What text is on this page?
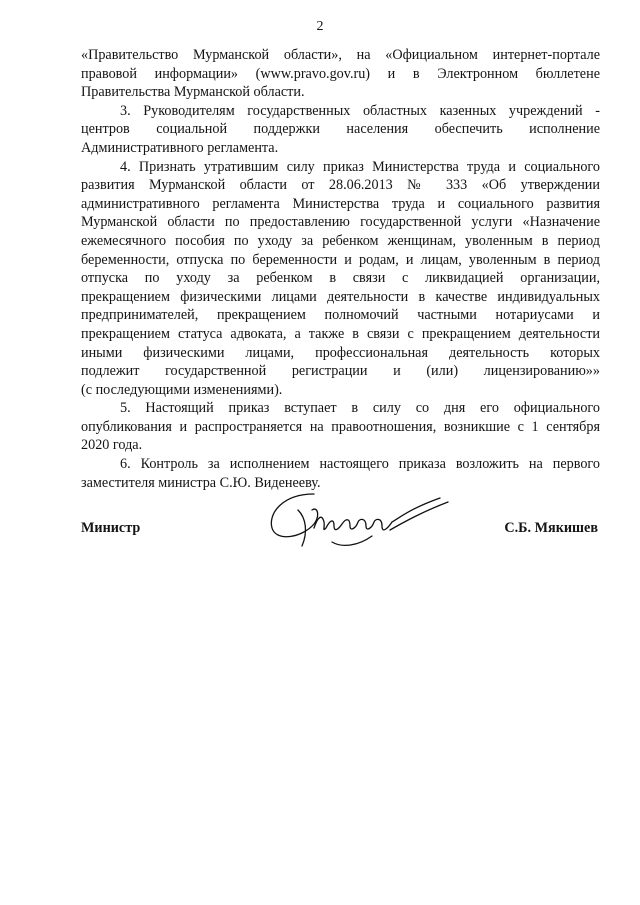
2
«Правительство Мурманской области», на «Официальном интернет-портале
правовой информации» (www.pravo.gov.ru) и в Электронном бюллетене
Правительства Мурманской области.
3. Руководителям государственных областных казенных учреждений -
центров социальной поддержки населения обеспечить исполнение
Административного регламента.
4. Признать утратившим силу приказ Министерства труда и социального
развития Мурманской области от 28.06.2013 № 333 «Об утверждении
административного регламента Министерства труда и социального развития
Мурманской области по предоставлению государственной услуги «Назначение
ежемесячного пособия по уходу за ребенком женщинам, уволенным в период
беременности, отпуска по беременности и родам, и лицам, уволенным в период
отпуска по уходу за ребенком в связи с ликвидацией организации,
прекращением физическими лицами деятельности в качестве индивидуальных
предпринимателей, прекращением полномочий частными нотариусами и
прекращением статуса адвоката, а также в связи с прекращением деятельности
иными физическими лицами, профессиональная деятельность которых
подлежит государственной регистрации и (или) лицензированию»»
(с последующими изменениями).
5. Настоящий приказ вступает в силу со дня его официального
опубликования и распространяется на правоотношения, возникшие с 1 сентября
2020 года.
6. Контроль за исполнением настоящего приказа возложить на первого
заместителя министра С.Ю. Виденееву.
Министр	С.Б. Мякишев
